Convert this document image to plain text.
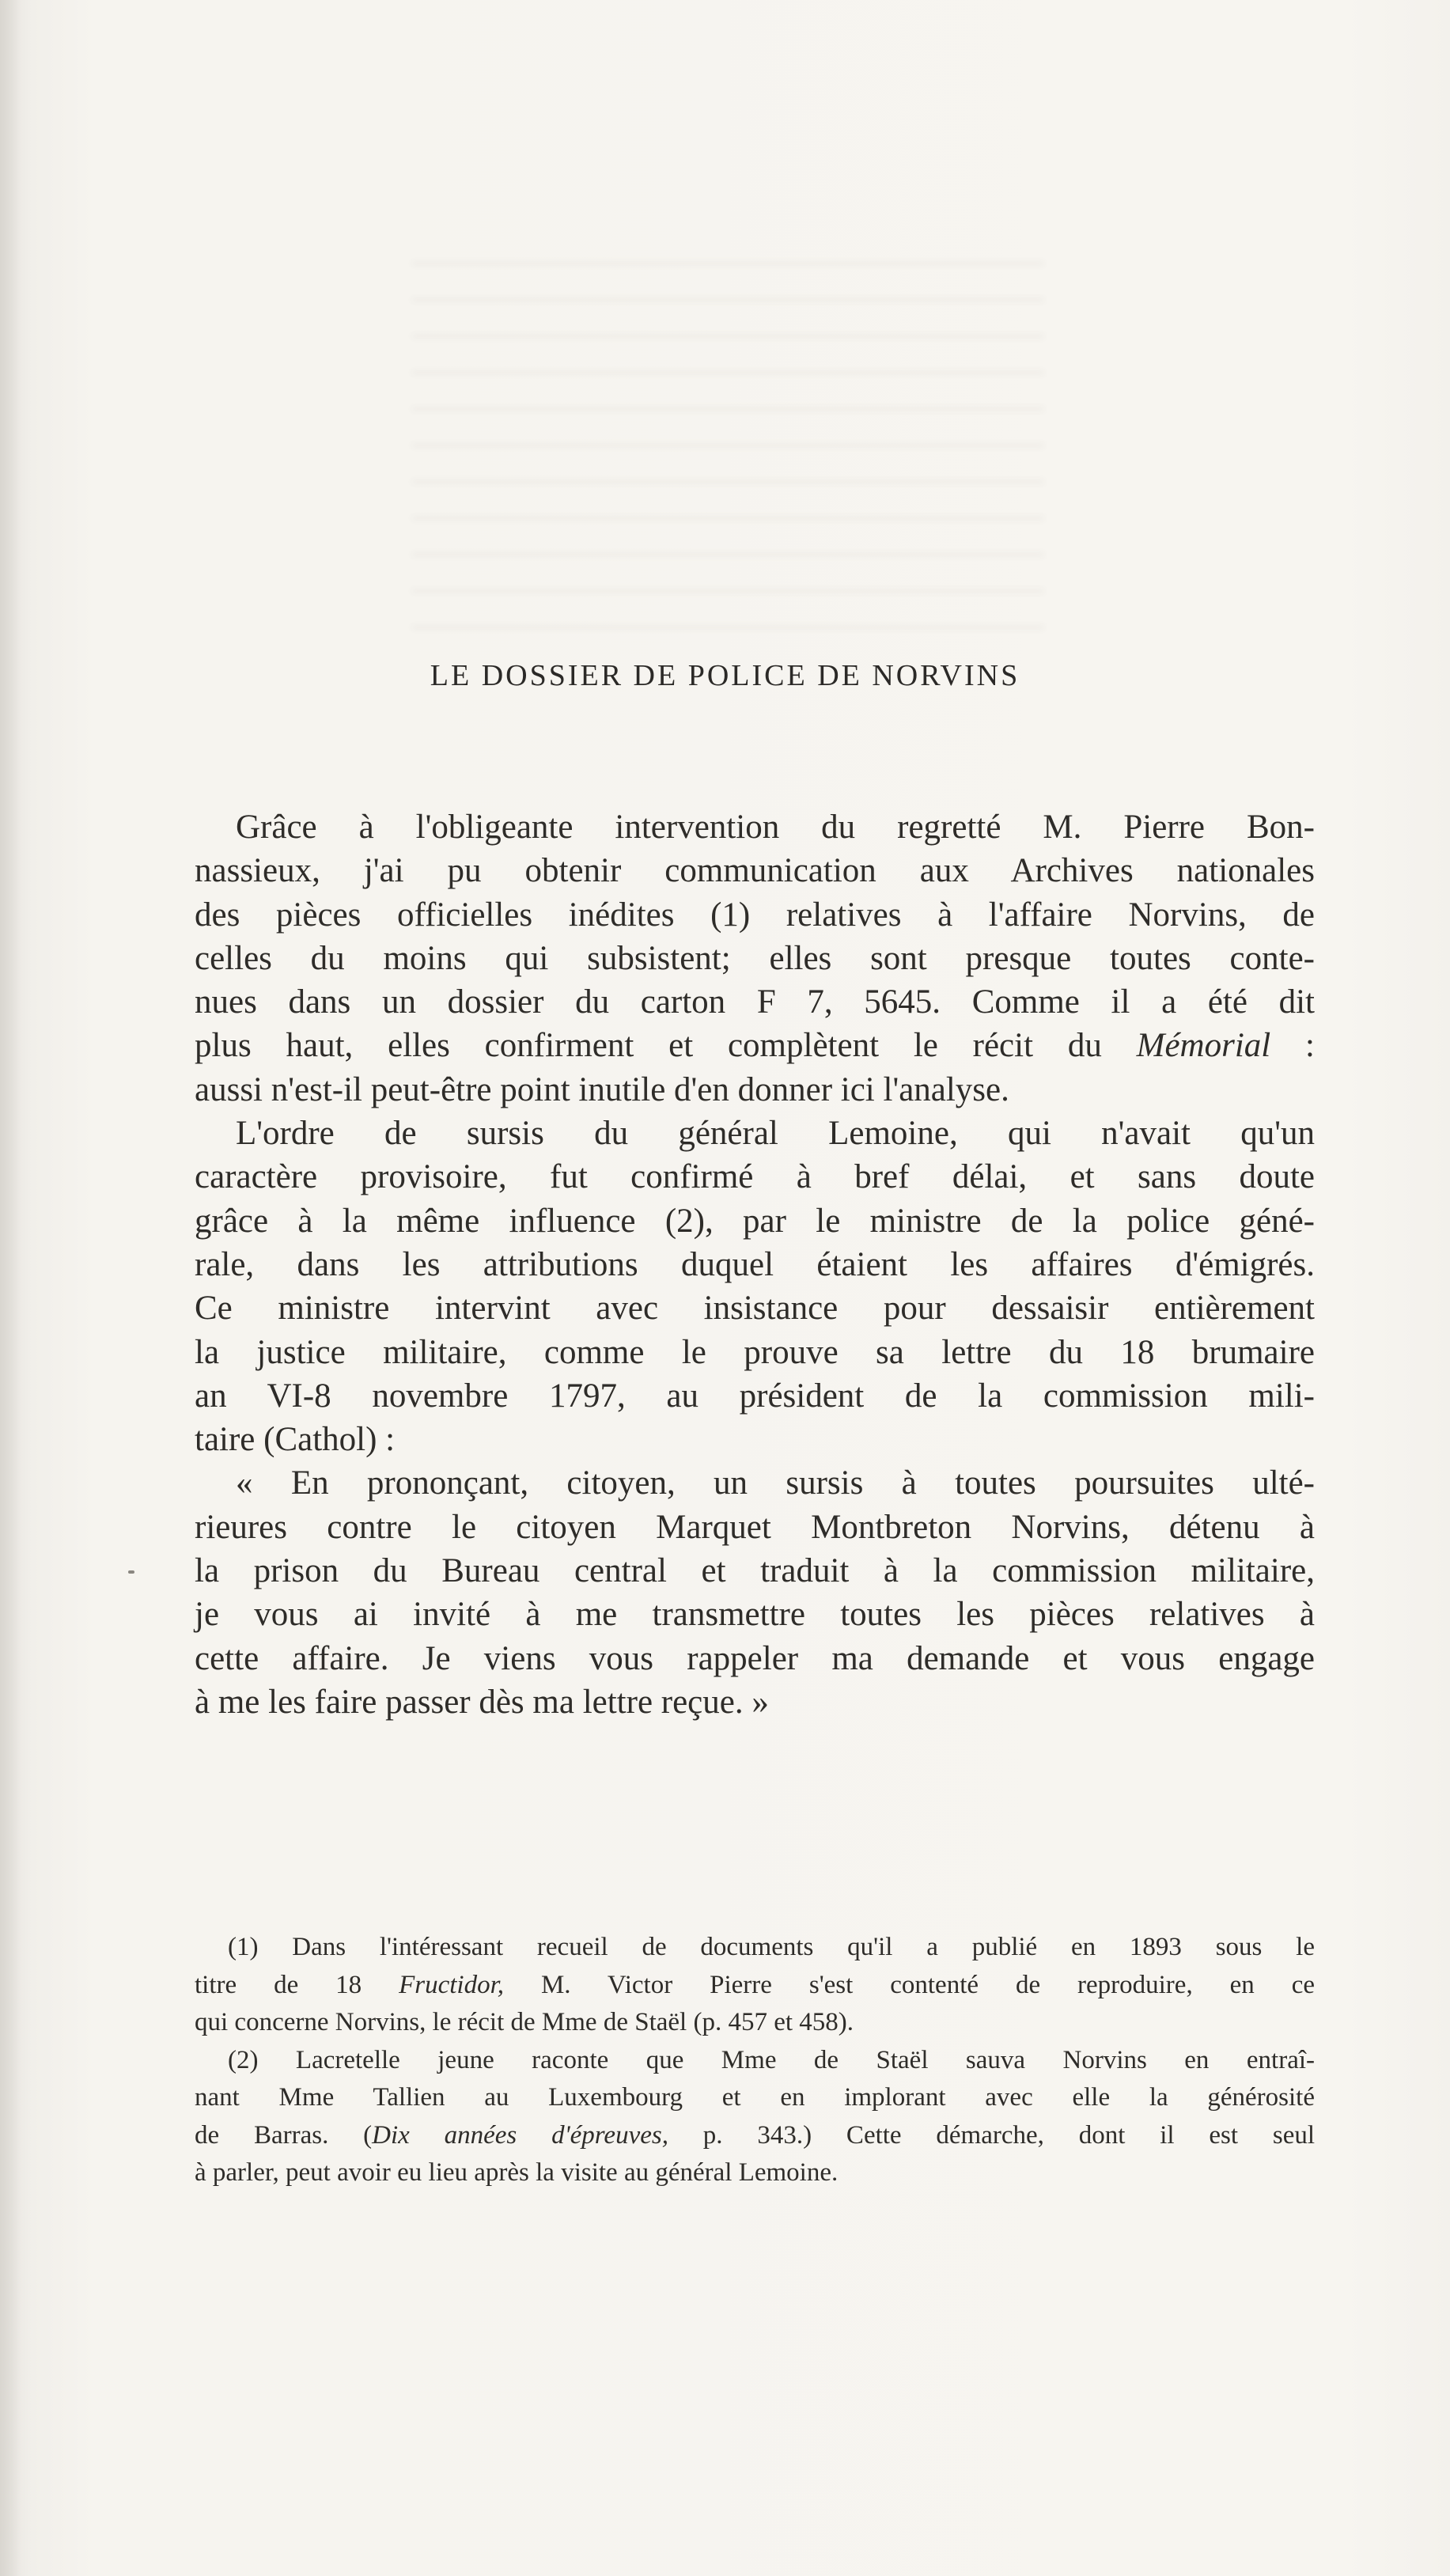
LE DOSSIER DE POLICE DE NORVINS
Grâce à l'obligeante intervention du regretté M. Pierre Bon-
nassieux, j'ai pu obtenir communication aux Archives nationales
des pièces officielles inédites (1) relatives à l'affaire Norvins, de
celles du moins qui subsistent; elles sont presque toutes conte-
nues dans un dossier du carton F 7, 5645. Comme il a été dit
plus haut, elles confirment et complètent le récit du Mémorial :
aussi n'est-il peut-être point inutile d'en donner ici l'analyse.
L'ordre de sursis du général Lemoine, qui n'avait qu'un
caractère provisoire, fut confirmé à bref délai, et sans doute
grâce à la même influence (2), par le ministre de la police géné-
rale, dans les attributions duquel étaient les affaires d'émigrés.
Ce ministre intervint avec insistance pour dessaisir entièrement
la justice militaire, comme le prouve sa lettre du 18 brumaire
an VI-8 novembre 1797, au président de la commission mili-
taire (Cathol) :
« En prononçant, citoyen, un sursis à toutes poursuites ulté-
rieures contre le citoyen Marquet Montbreton Norvins, détenu à
la prison du Bureau central et traduit à la commission militaire,
je vous ai invité à me transmettre toutes les pièces relatives à
cette affaire. Je viens vous rappeler ma demande et vous engage
à me les faire passer dès ma lettre reçue. »
(1) Dans l'intéressant recueil de documents qu'il a publié en 1893 sous le
titre de 18 Fructidor, M. Victor Pierre s'est contenté de reproduire, en ce
qui concerne Norvins, le récit de Mme de Staël (p. 457 et 458).
(2) Lacretelle jeune raconte que Mme de Staël sauva Norvins en entraî-
nant Mme Tallien au Luxembourg et en implorant avec elle la générosité
de Barras. (Dix années d'épreuves, p. 343.) Cette démarche, dont il est seul
à parler, peut avoir eu lieu après la visite au général Lemoine.
